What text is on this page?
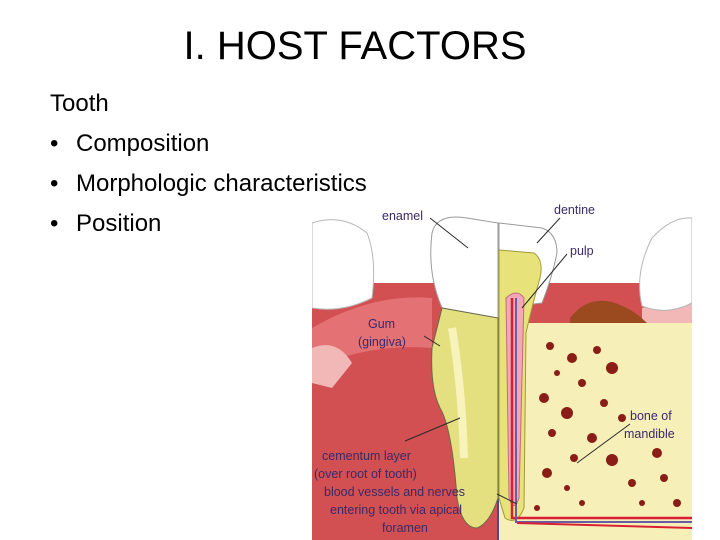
I. HOST FACTORS
Tooth
• Composition
• Morphologic characteristics
• Position	enamel	dentine
pulp
Gum
(gingiva)
bone of
mandible
cementum layer
(over root of tooth)
blood vessels and nerves
entering tooth via apical
foramen
